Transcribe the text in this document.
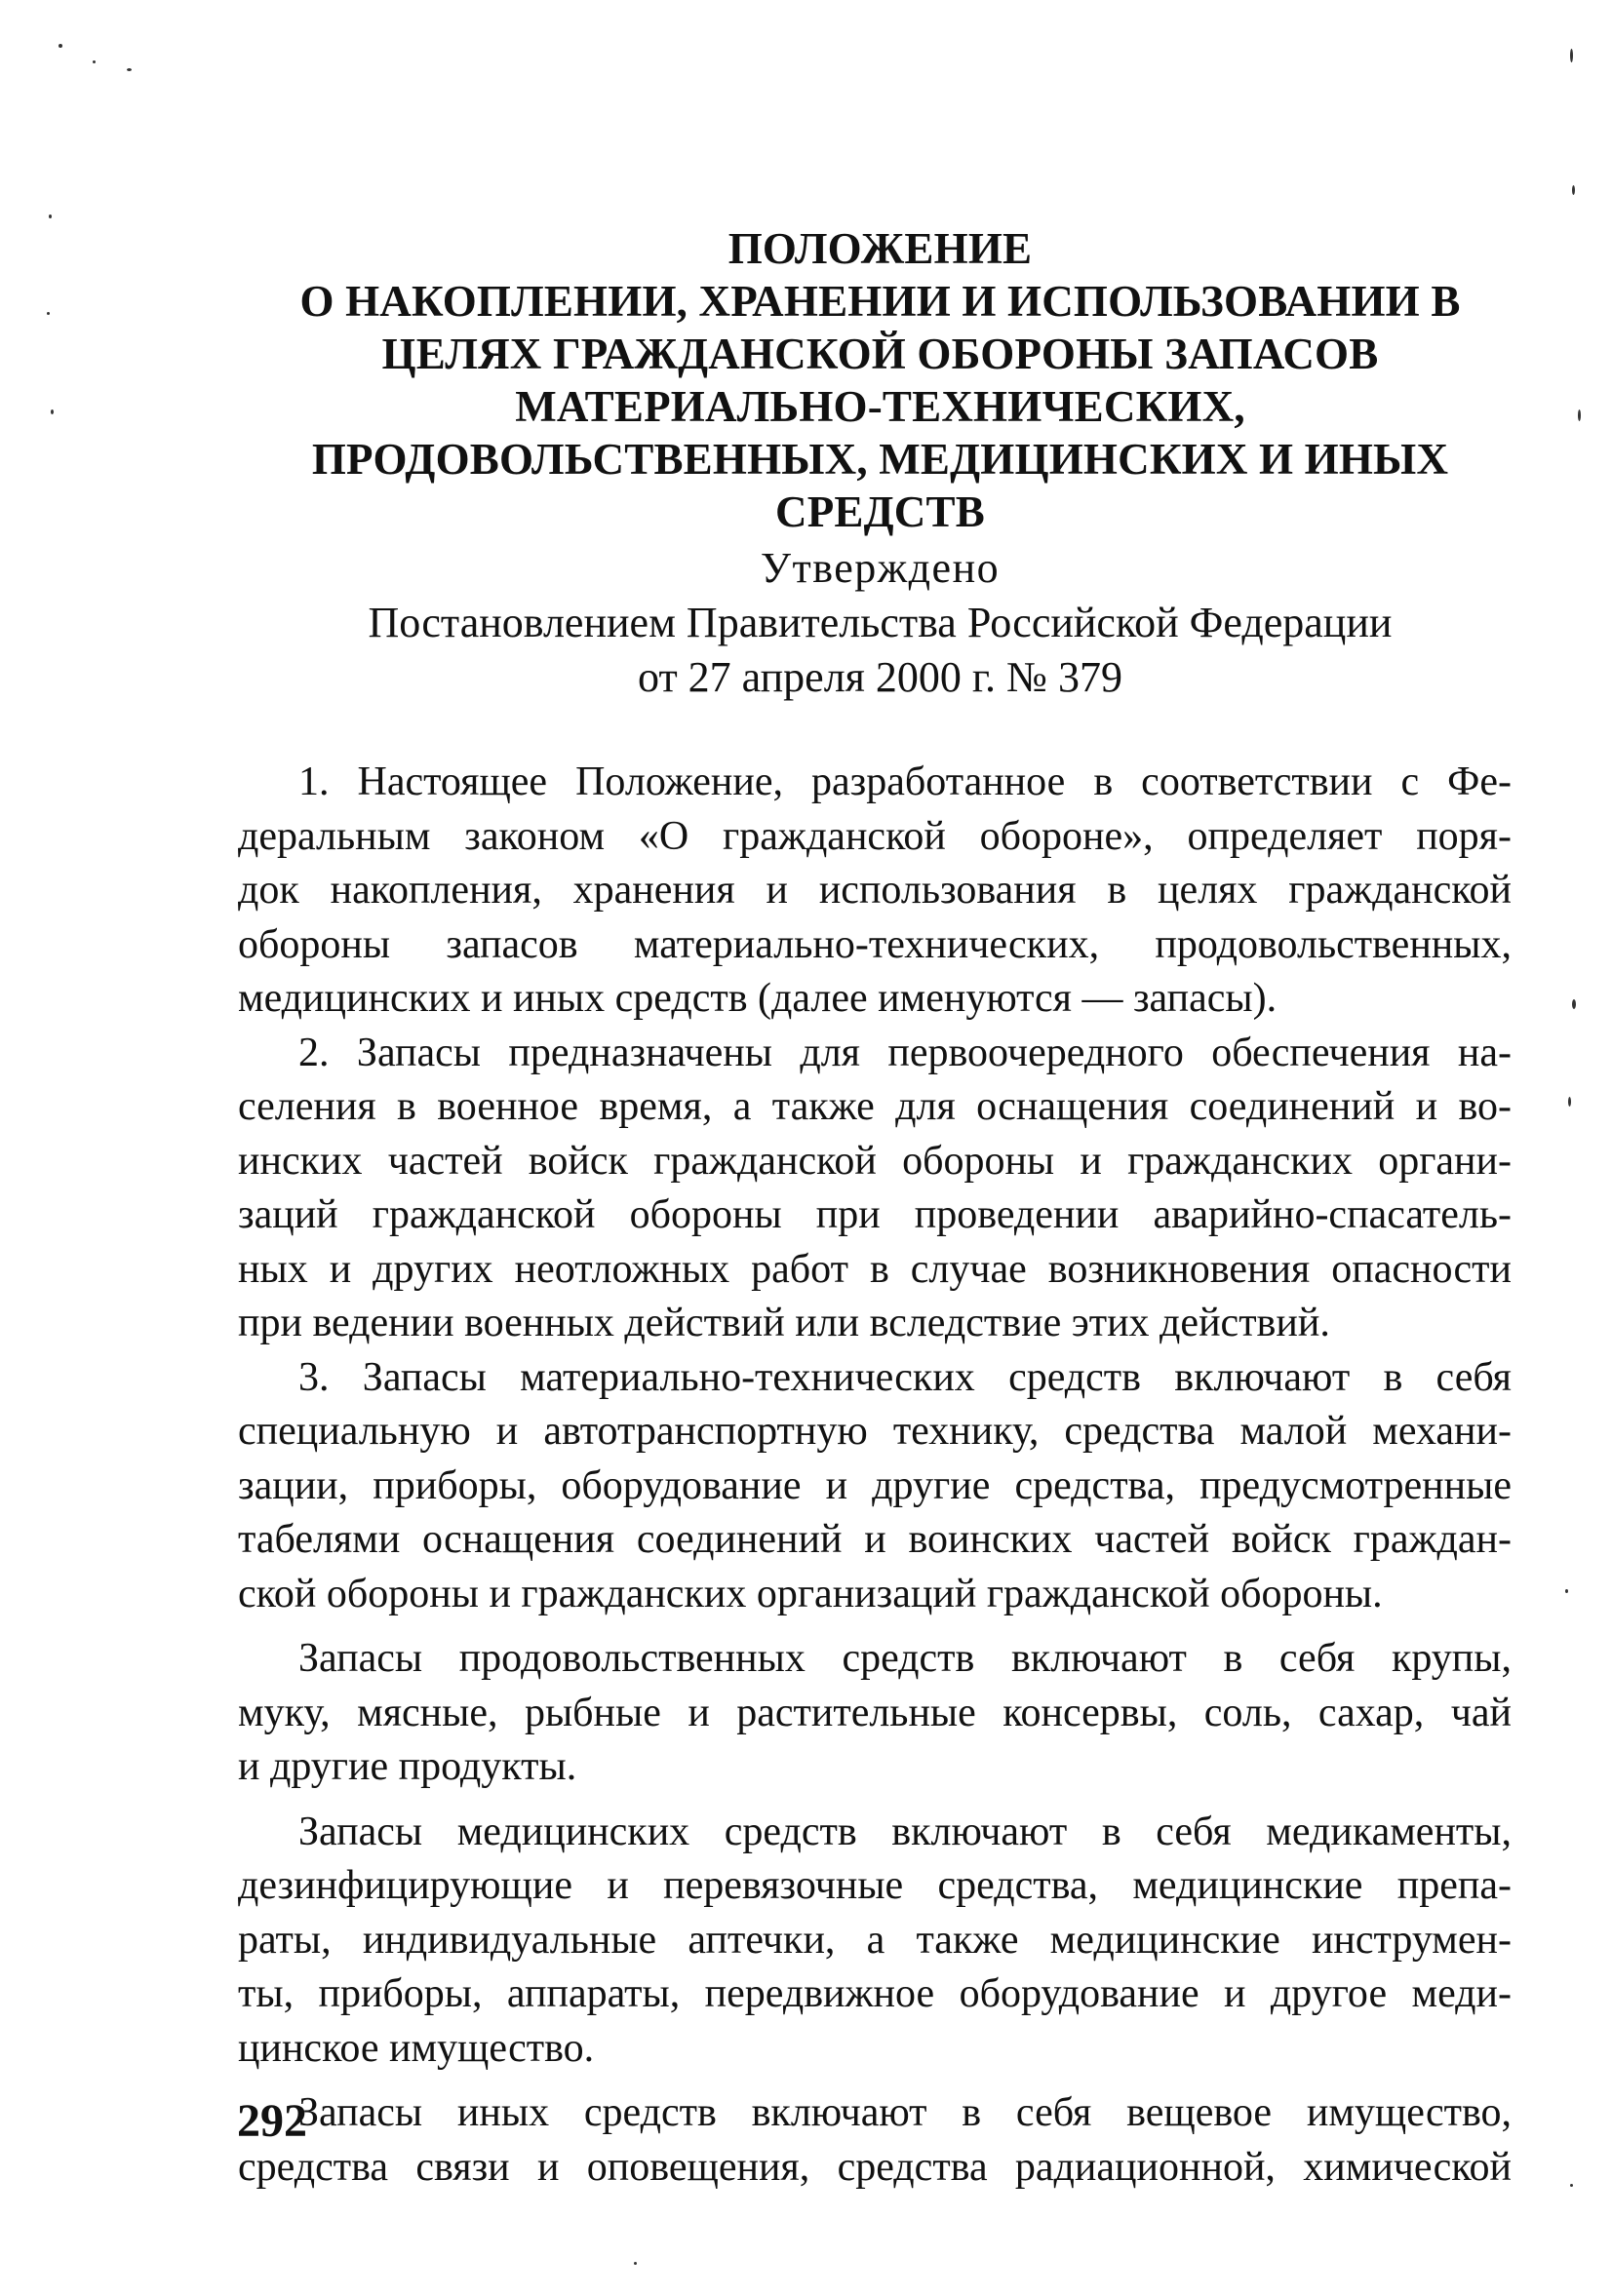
ПОЛОЖЕНИЕ
О НАКОПЛЕНИИ, ХРАНЕНИИ И ИСПОЛЬЗОВАНИИ В
ЦЕЛЯХ ГРАЖДАНСКОЙ ОБОРОНЫ ЗАПАСОВ
МАТЕРИАЛЬНО-ТЕХНИЧЕСКИХ,
ПРОДОВОЛЬСТВЕННЫХ, МЕДИЦИНСКИХ И ИНЫХ
СРЕДСТВ
Утверждено
Постановлением Правительства Российской Федерации
от 27 апреля 2000 г. № 379
1. Настоящее Положение, разработанное в соответствии с Фе-
деральным законом «О гражданской обороне», определяет поря-
док накопления, хранения и использования в целях гражданской
обороны запасов материально-технических, продовольственных,
медицинских и иных средств (далее именуются — запасы).
2. Запасы предназначены для первоочередного обеспечения на-
селения в военное время, а также для оснащения соединений и во-
инских частей войск гражданской обороны и гражданских органи-
заций гражданской обороны при проведении аварийно-спасатель-
ных и других неотложных работ в случае возникновения опасности
при ведении военных действий или вследствие этих действий.
3. Запасы материально-технических средств включают в себя
специальную и автотранспортную технику, средства малой механи-
зации, приборы, оборудование и другие средства, предусмотренные
табелями оснащения соединений и воинских частей войск граждан-
ской обороны и гражданских организаций гражданской обороны.
Запасы продовольственных средств включают в себя крупы,
муку, мясные, рыбные и растительные консервы, соль, сахар, чай
и другие продукты.
Запасы медицинских средств включают в себя медикаменты,
дезинфицирующие и перевязочные средства, медицинские препа-
раты, индивидуальные аптечки, а также медицинские инструмен-
ты, приборы, аппараты, передвижное оборудование и другое меди-
цинское имущество.
Запасы иных средств включают в себя вещевое имущество,
средства связи и оповещения, средства радиационной, химической
292
